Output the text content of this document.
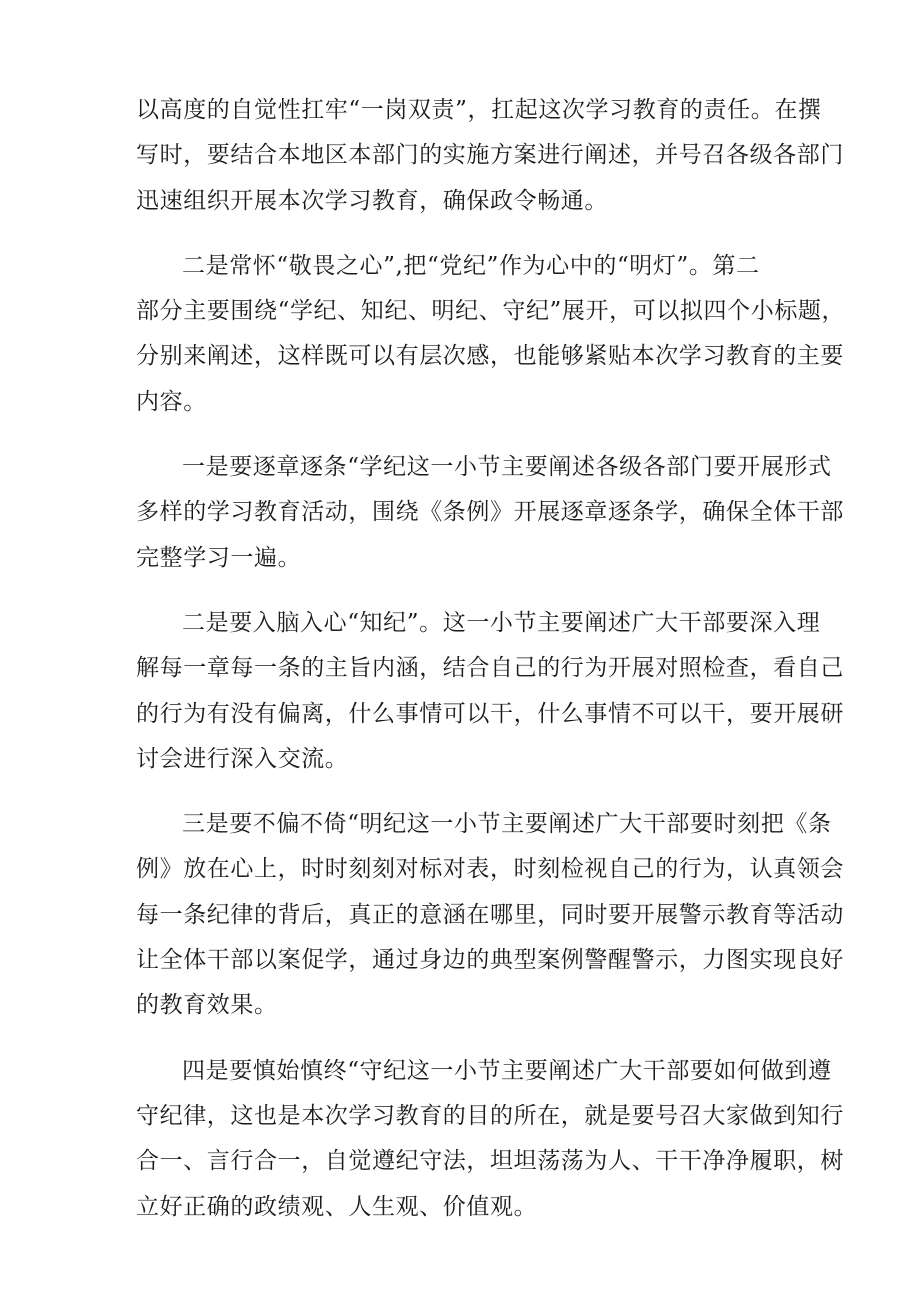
以高度的自觉性扛牢“一岗双责”，扛起这次学习教育的责任。在撰
写时，要结合本地区本部门的实施方案进行阐述，并号召各级各部门
迅速组织开展本次学习教育，确保政令畅通。
二是常怀“敬畏之心”,把“党纪”作为心中的“明灯”。第二
部分主要围绕“学纪、知纪、明纪、守纪”展开，可以拟四个小标题，
分别来阐述，这样既可以有层次感，也能够紧贴本次学习教育的主要
内容。
一是要逐章逐条“学纪这一小节主要阐述各级各部门要开展形式
多样的学习教育活动，围绕《条例》开展逐章逐条学，确保全体干部
完整学习一遍。
二是要入脑入心“知纪”。这一小节主要阐述广大干部要深入理
解每一章每一条的主旨内涵，结合自己的行为开展对照检查，看自己
的行为有没有偏离，什么事情可以干，什么事情不可以干，要开展研
讨会进行深入交流。
三是要不偏不倚“明纪这一小节主要阐述广大干部要时刻把《条
例》放在心上，时时刻刻对标对表，时刻检视自己的行为，认真领会
每一条纪律的背后，真正的意涵在哪里，同时要开展警示教育等活动
让全体干部以案促学，通过身边的典型案例警醒警示，力图实现良好
的教育效果。
四是要慎始慎终“守纪这一小节主要阐述广大干部要如何做到遵
守纪律，这也是本次学习教育的目的所在，就是要号召大家做到知行
合一、言行合一，自觉遵纪守法，坦坦荡荡为人、干干净净履职，树
立好正确的政绩观、人生观、价值观。
